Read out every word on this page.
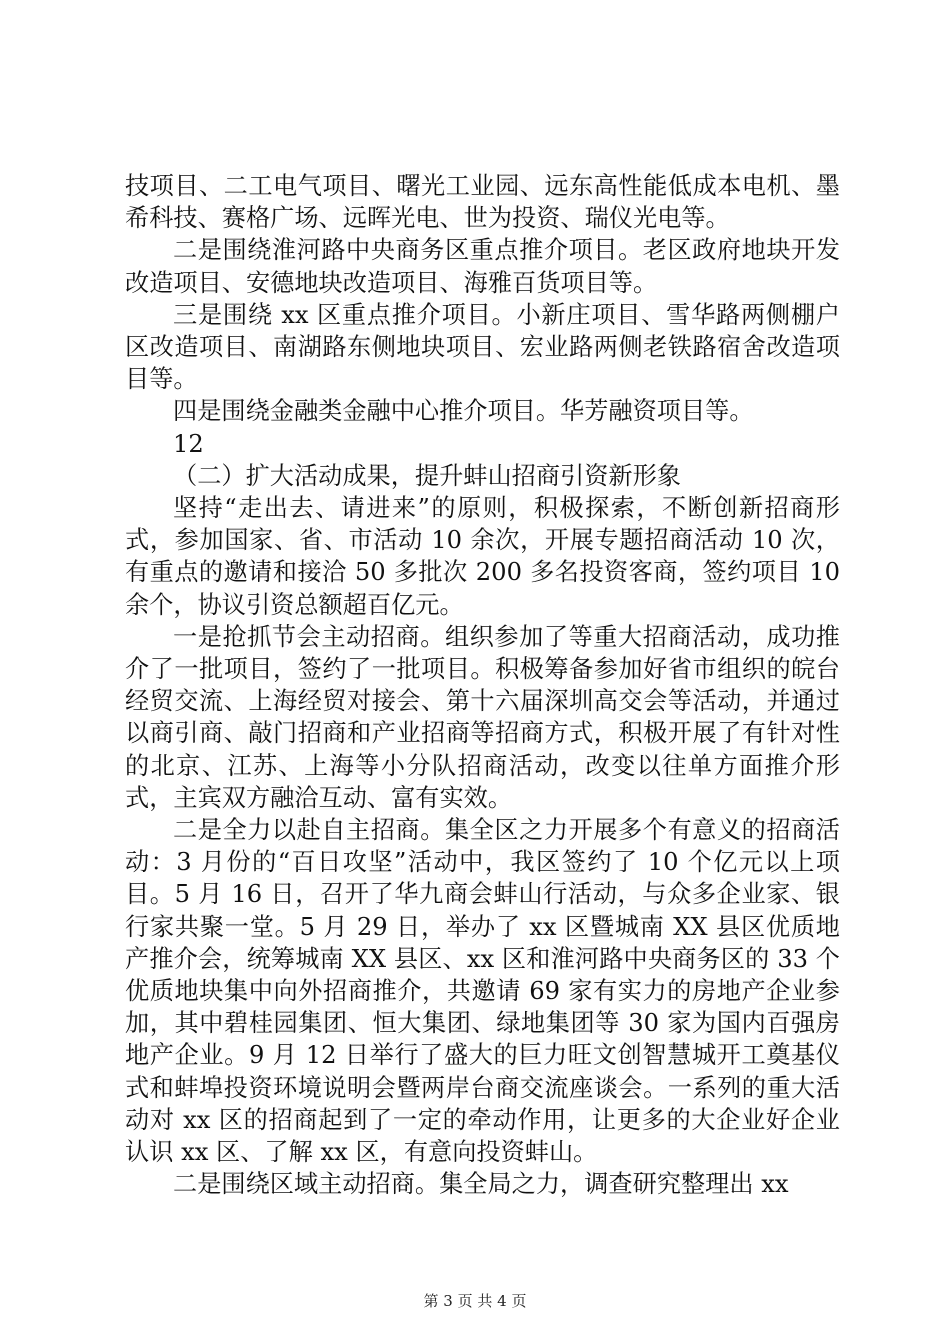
技项目、二工电气项目、曙光工业园、远东高性能低成本电机、墨希科技、赛格广场、远晖光电、世为投资、瑞仪光电等。

二是围绕淮河路中央商务区重点推介项目。老区政府地块开发改造项目、安德地块改造项目、海雅百货项目等。

三是围绕 xx 区重点推介项目。小新庄项目、雪华路两侧棚户区改造项目、南湖路东侧地块项目、宏业路两侧老铁路宿舍改造项目等。

四是围绕金融类金融中心推介项目。华芳融资项目等。

12

（二）扩大活动成果，提升蚌山招商引资新形象

坚持“走出去、请进来”的原则，积极探索，不断创新招商形式，参加国家、省、市活动 10 余次，开展专题招商活动 10 次，有重点的邀请和接洽 50 多批次 200 多名投资客商，签约项目 10 余个，协议引资总额超百亿元。

一是抢抓节会主动招商。组织参加了等重大招商活动，成功推介了一批项目，签约了一批项目。积极筹备参加好省市组织的皖台经贸交流、上海经贸对接会、第十六届深圳高交会等活动，并通过以商引商、敲门招商和产业招商等招商方式，积极开展了有针对性的北京、江苏、上海等小分队招商活动，改变以往单方面推介形式，主宾双方融洽互动、富有实效。

二是全力以赴自主招商。集全区之力开展多个有意义的招商活动：3 月份的“百日攻坚”活动中，我区签约了 10 个亿元以上项目。5 月 16 日，召开了华九商会蚌山行活动，与众多企业家、银行家共聚一堂。5 月 29 日，举办了 xx 区暨城南 XX 县区优质地产推介会，统筹城南 XX 县区、xx 区和淮河路中央商务区的 33 个优质地块集中向外招商推介，共邀请 69 家有实力的房地产企业参加，其中碧桂园集团、恒大集团、绿地集团等 30 家为国内百强房地产企业。9 月 12 日举行了盛大的巨力旺文创智慧城开工奠基仪式和蚌埠投资环境说明会暨两岸台商交流座谈会。一系列的重大活动对 xx 区的招商起到了一定的牵动作用，让更多的大企业好企业认识 xx 区、了解 xx 区，有意向投资蚌山。

二是围绕区域主动招商。集全局之力，调查研究整理出 xx

第 3 页 共 4 页
